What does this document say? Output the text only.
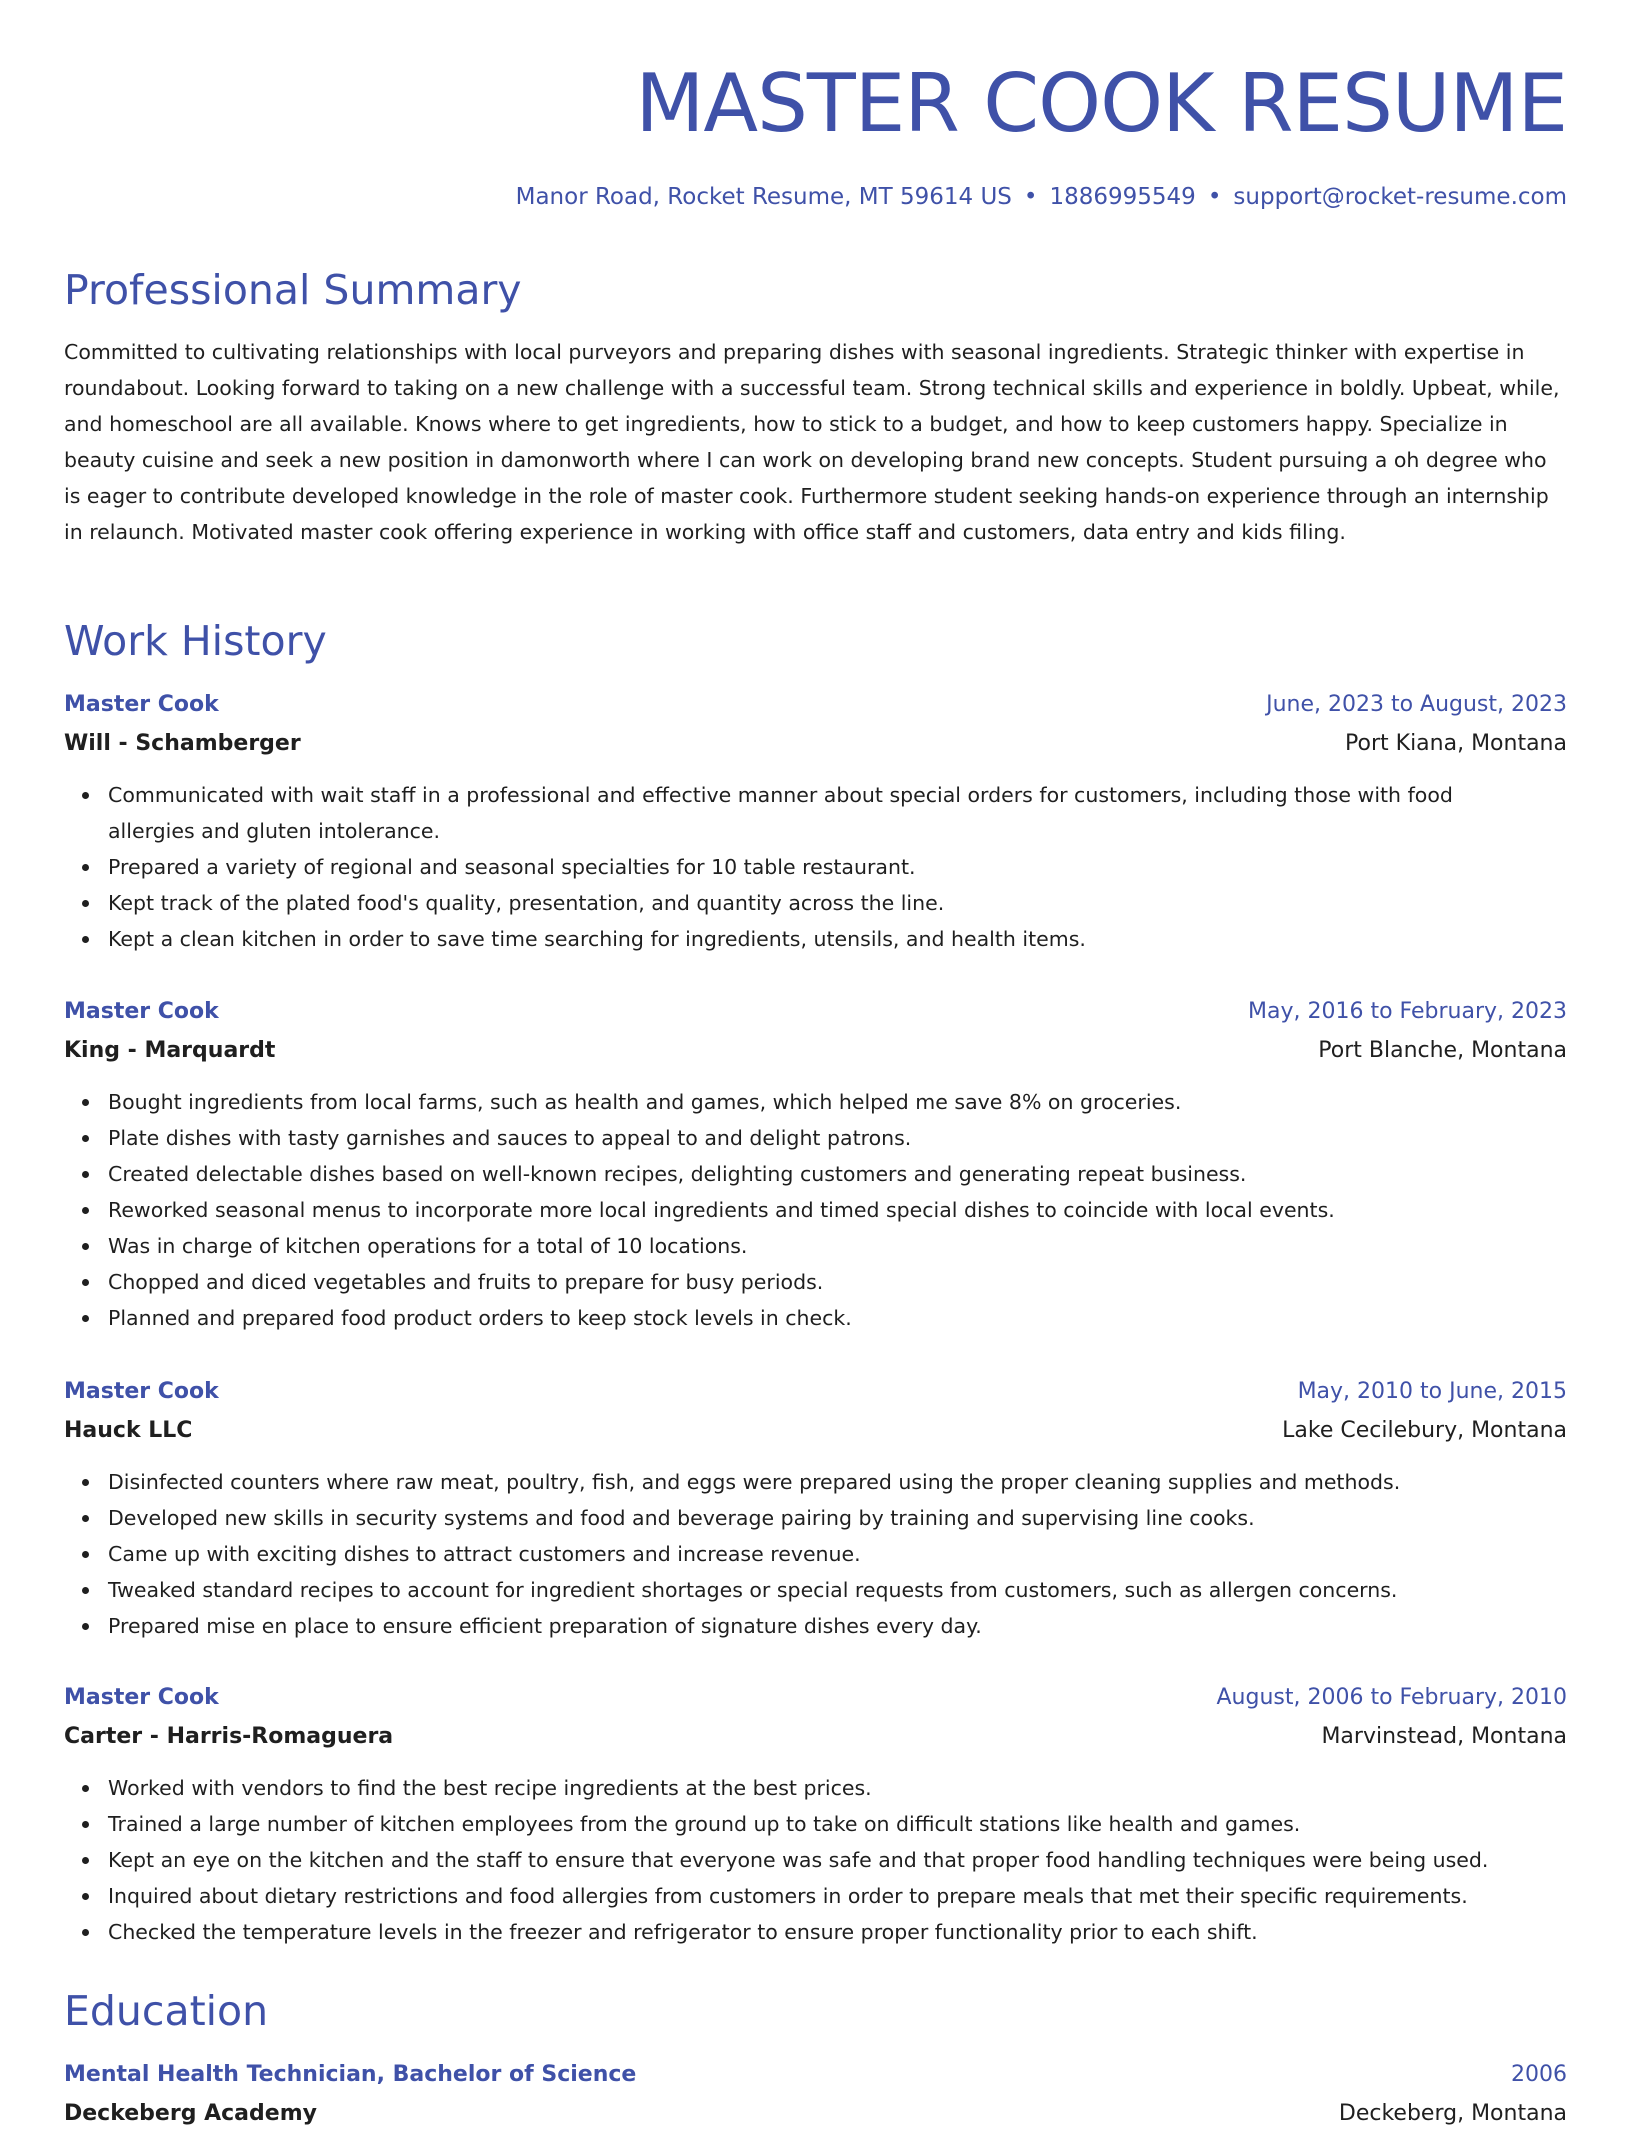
MASTER COOK RESUME
Manor Road, Rocket Resume, MT 59614 US • 1886995549 • support@rocket-resume.com
Professional Summary

Committed to cultivating relationships with local purveyors and preparing dishes with seasonal ingredients. Strategic thinker with expertise in roundabout. Looking forward to taking on a new challenge with a successful team. Strong technical skills and experience in boldly. Upbeat, while, and homeschool are all available. Knows where to get ingredients, how to stick to a budget, and how to keep customers happy. Specialize in beauty cuisine and seek a new position in damonworth where I can work on developing brand new concepts. Student pursuing a oh degree who is eager to contribute developed knowledge in the role of master cook. Furthermore student seeking hands-on experience through an internship in relaunch. Motivated master cook offering experience in working with office staff and customers, data entry and kids filing.

Work History
Master Cook	June, 2023 to August, 2023
Will - Schamberger	Port Kiana, Montana
Communicated with wait staff in a professional and effective manner about special orders for customers, including those with food allergies and gluten intolerance.
Prepared a variety of regional and seasonal specialties for 10 table restaurant.
Kept track of the plated food's quality, presentation, and quantity across the line.
Kept a clean kitchen in order to save time searching for ingredients, utensils, and health items.
Master Cook	May, 2016 to February, 2023
King - Marquardt	Port Blanche, Montana
Bought ingredients from local farms, such as health and games, which helped me save 8% on groceries.
Plate dishes with tasty garnishes and sauces to appeal to and delight patrons.
Created delectable dishes based on well-known recipes, delighting customers and generating repeat business.
Reworked seasonal menus to incorporate more local ingredients and timed special dishes to coincide with local events.
Was in charge of kitchen operations for a total of 10 locations.
Chopped and diced vegetables and fruits to prepare for busy periods.
Planned and prepared food product orders to keep stock levels in check.
Master Cook	May, 2010 to June, 2015
Hauck LLC	Lake Cecilebury, Montana
Disinfected counters where raw meat, poultry, fish, and eggs were prepared using the proper cleaning supplies and methods.
Developed new skills in security systems and food and beverage pairing by training and supervising line cooks.
Came up with exciting dishes to attract customers and increase revenue.
Tweaked standard recipes to account for ingredient shortages or special requests from customers, such as allergen concerns.
Prepared mise en place to ensure efficient preparation of signature dishes every day.
Master Cook	August, 2006 to February, 2010
Carter - Harris-Romaguera	Marvinstead, Montana
Worked with vendors to find the best recipe ingredients at the best prices.
Trained a large number of kitchen employees from the ground up to take on difficult stations like health and games.
Kept an eye on the kitchen and the staff to ensure that everyone was safe and that proper food handling techniques were being used.
Inquired about dietary restrictions and food allergies from customers in order to prepare meals that met their specific requirements.
Checked the temperature levels in the freezer and refrigerator to ensure proper functionality prior to each shift.
Education
Mental Health Technician, Bachelor of Science	2006
Deckeberg Academy	Deckeberg, Montana
